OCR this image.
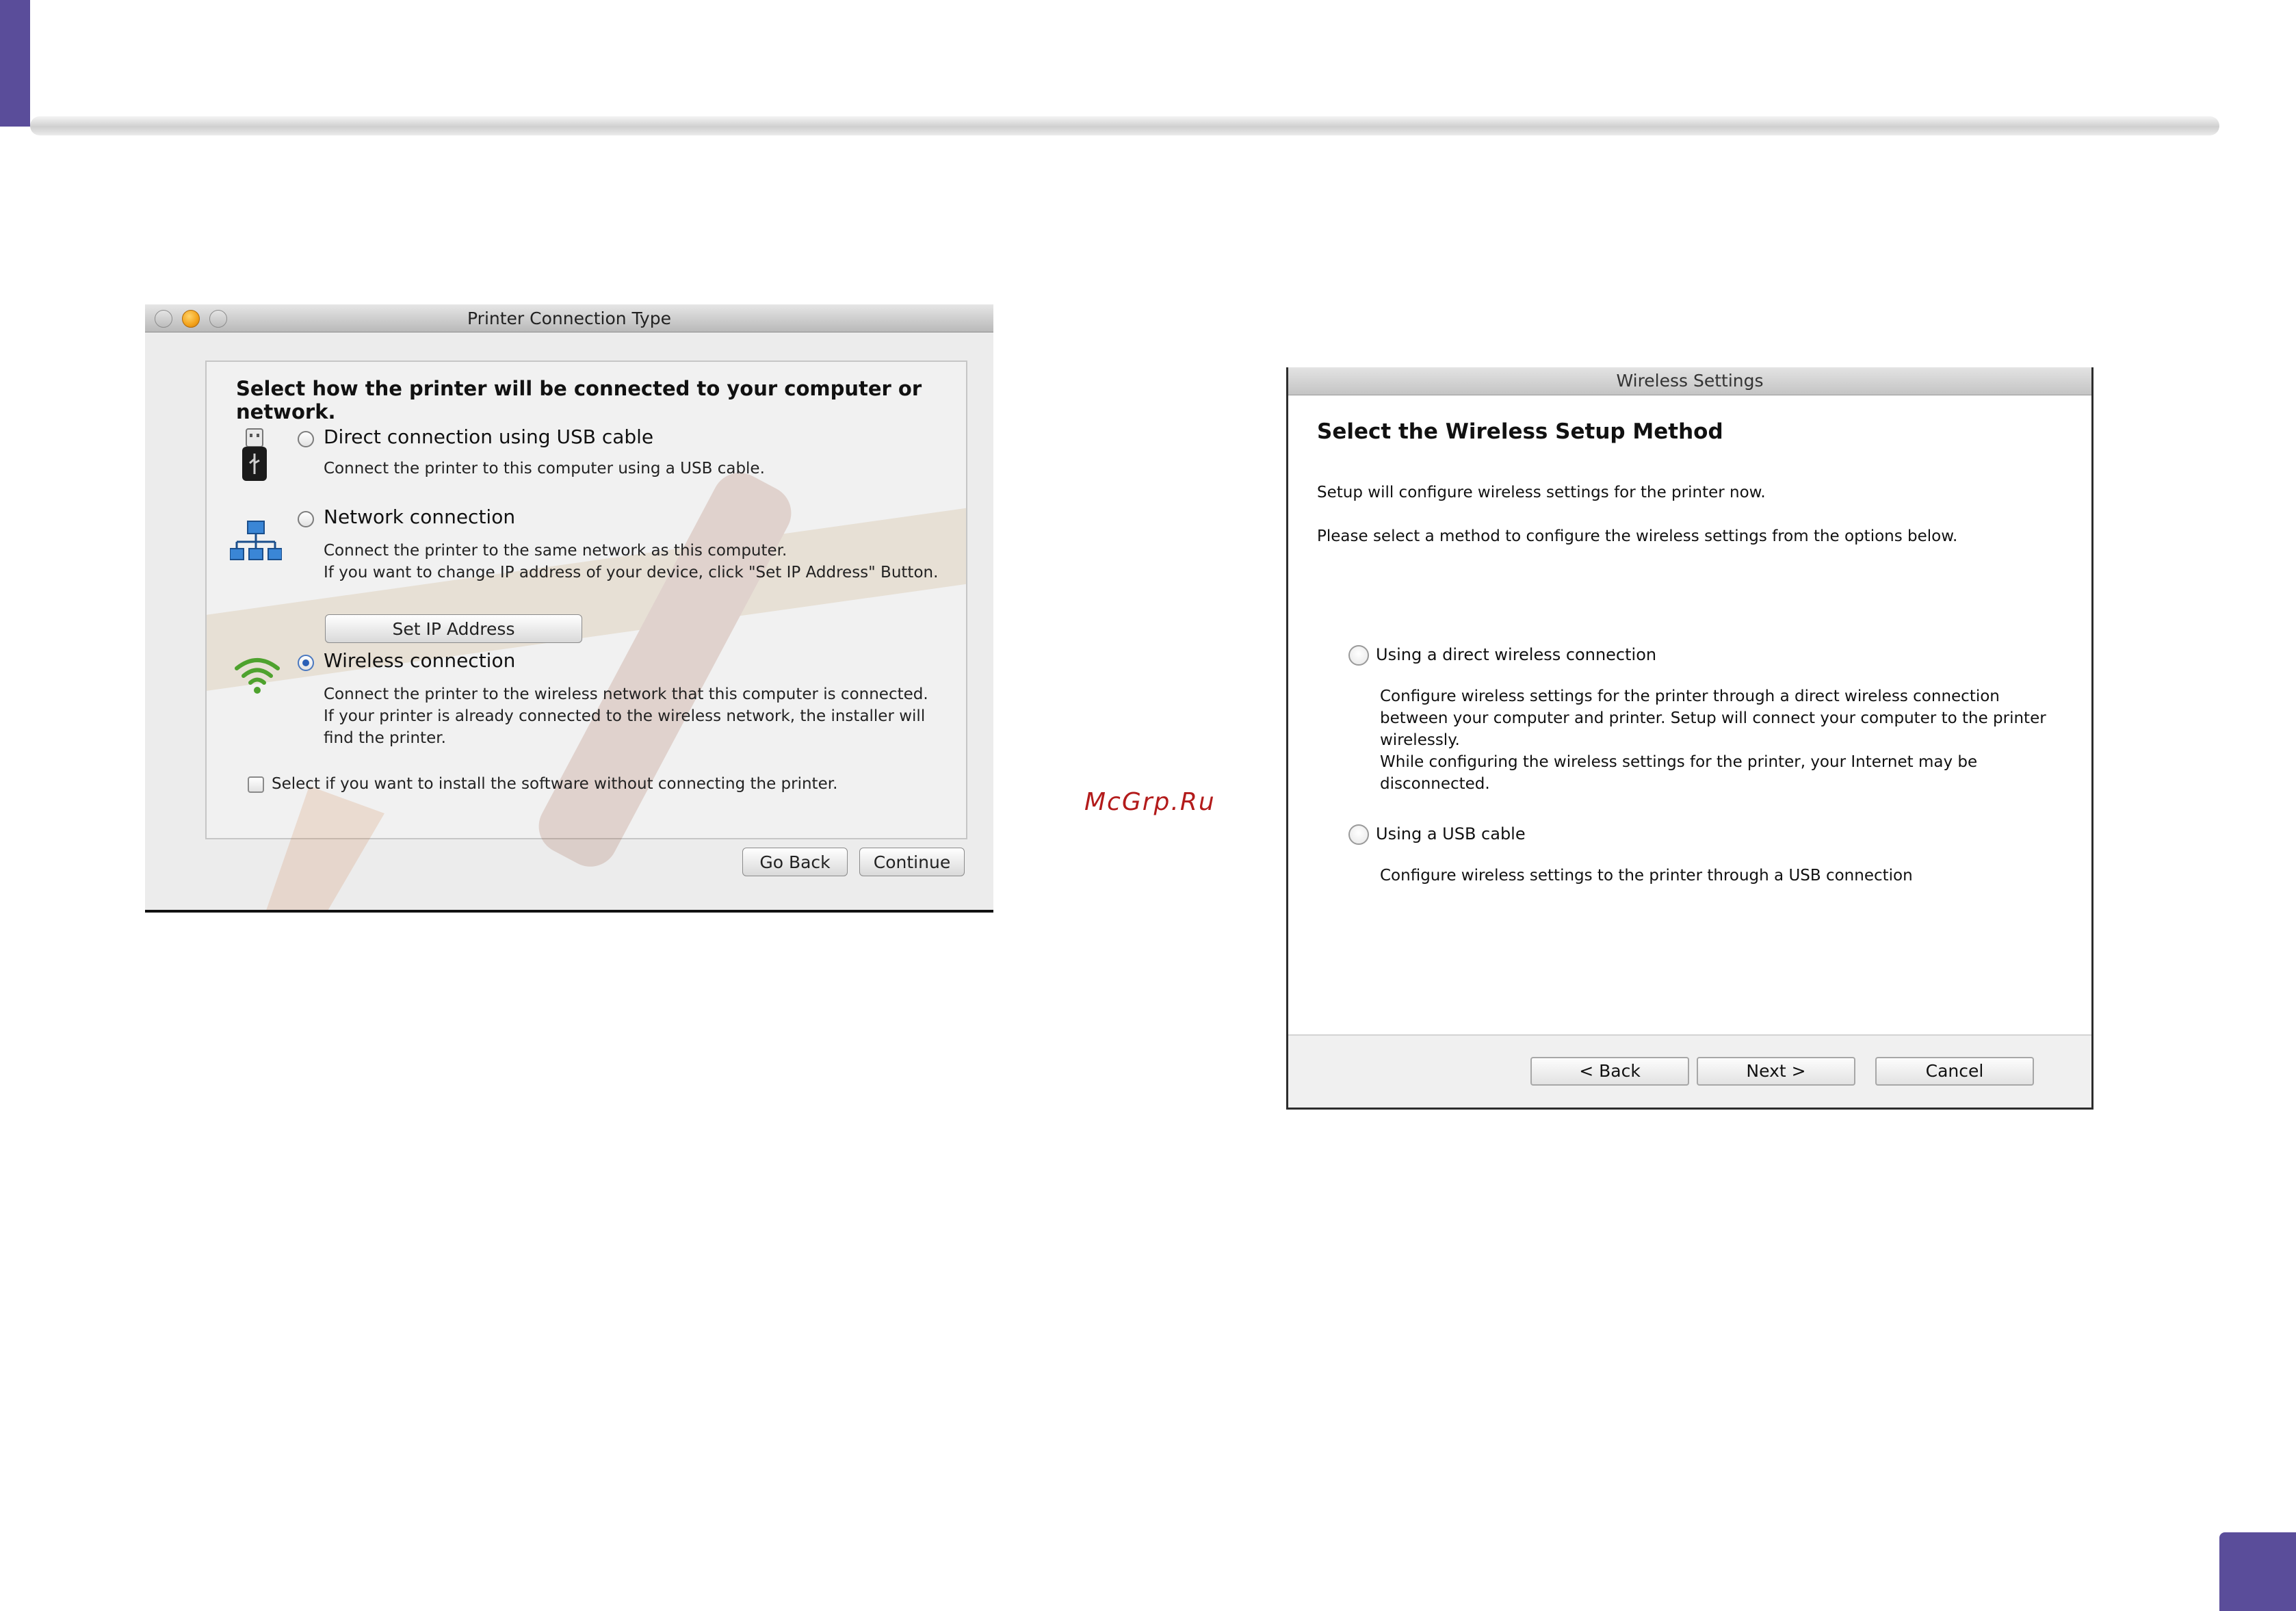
McGrp.Ru
Printer Connection Type
Select how the printer will be connected to your computer or network.
Direct connection using USB cable
Connect the printer to this computer using a USB cable.
Network connection
Connect the printer to the same network as this computer.
If you want to change IP address of your device, click "Set IP Address" Button.
Set IP Address
Wireless connection
Connect the printer to the wireless network that this computer is connected.
If your printer is already connected to the wireless network, the installer will
find the printer.
Select if you want to install the software without connecting the printer.
Go Back	Continue
Wireless Settings
Select the Wireless Setup Method
Setup will configure wireless settings for the printer now.
Please select a method to configure the wireless settings from the options below.
Using a direct wireless connection
Configure wireless settings for the printer through a direct wireless connection
between your computer and printer. Setup will connect your computer to the printer
wirelessly.
While configuring the wireless settings for the printer, your Internet may be
disconnected.
Using a USB cable
Configure wireless settings to the printer through a USB connection
< Back	Next >	Cancel
